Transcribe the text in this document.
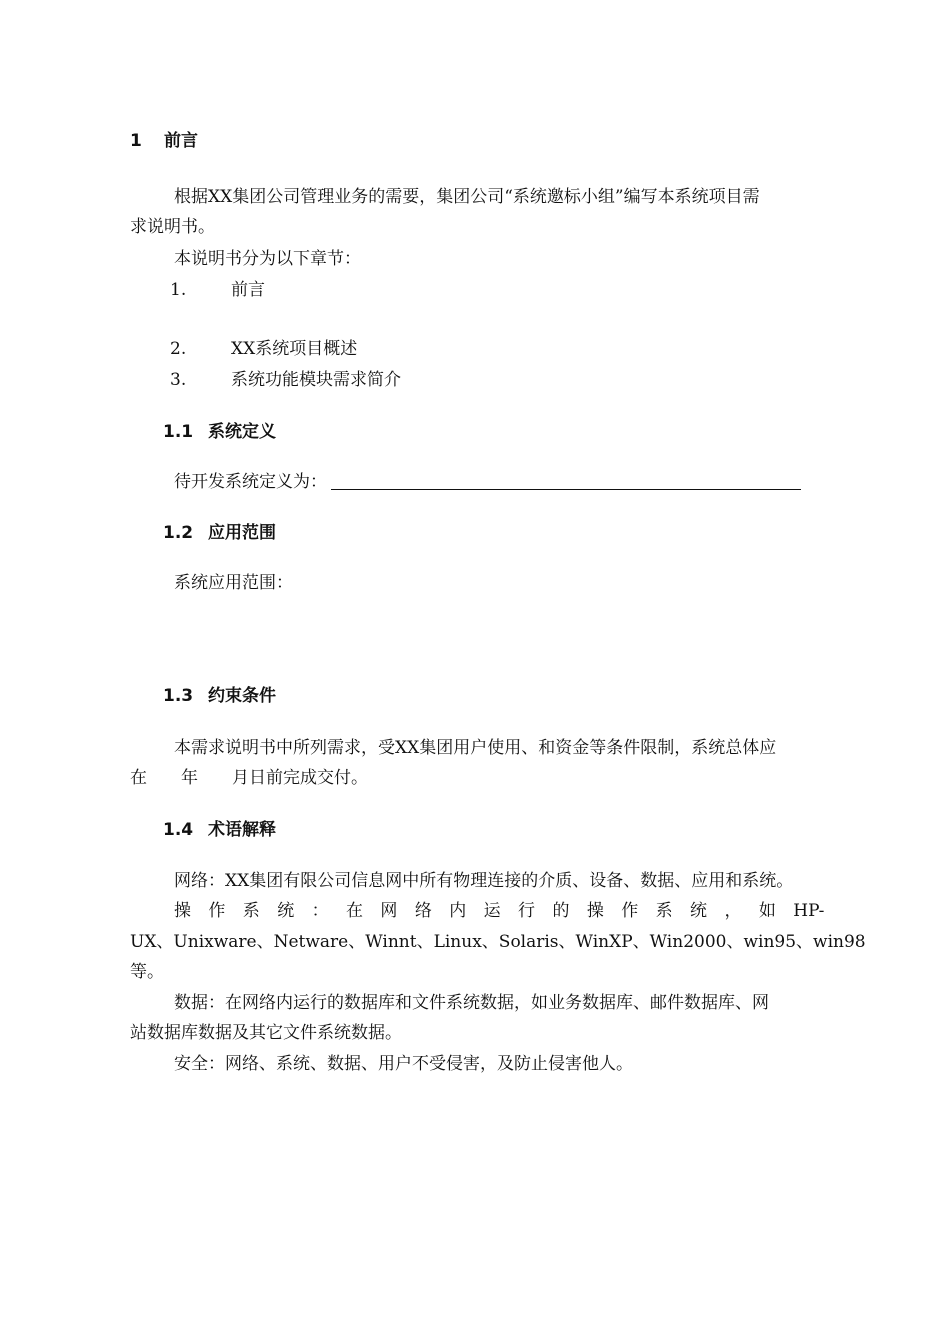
1 前言
根据XX集团公司管理业务的需要，集团公司“系统邀标小组”编写本系统项目需
求说明书。
本说明书分为以下章节：
1.	前言
2.	XX系统项目概述
3.	系统功能模块需求简介
1.1 系统定义
待开发系统定义为：
1.2 应用范围
系统应用范围：
1.3 约束条件
本需求说明书中所列需求，受XX集团用户使用、和资金等条件限制，系统总体应
在 年 月日前完成交付。
1.4 术语解释
网络：XX集团有限公司信息网中所有物理连接的介质、设备、数据、应用和系统。
操 作 系 统 ： 在 网 络 内 运 行 的 操 作 系 统 ， 如 HP-
UX、Unixware、Netware、Winnt、Linux、Solaris、WinXP、Win2000、win95、win98
等。
数据：在网络内运行的数据库和文件系统数据，如业务数据库、邮件数据库、网
站数据库数据及其它文件系统数据。
安全：网络、系统、数据、用户不受侵害，及防止侵害他人。
